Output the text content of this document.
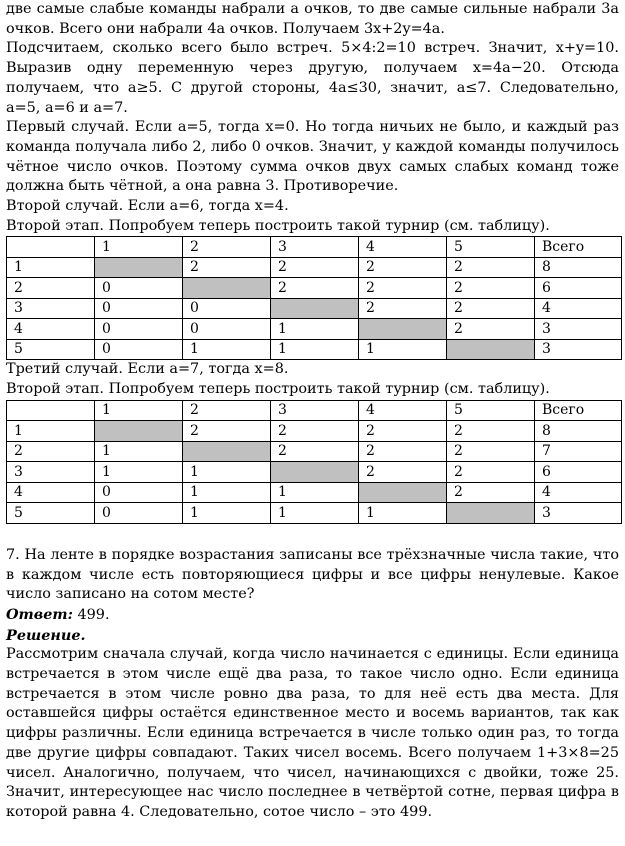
две самые слабые команды набрали a очков, то две самые сильные набрали 3a очков. Всего они набрали 4a очков. Получаем 3x+2y=4a.

Подсчитаем, сколько всего было встреч. 5×4:2=10 встреч. Значит, x+y=10. Выразив одну переменную через другую, получаем x=4a−20. Отсюда получаем, что a≥5. С другой стороны, 4a≤30, значит, a≤7. Следовательно, a=5, a=6 и a=7.

Первый случай. Если a=5, тогда x=0. Но тогда ничьих не было, и каждый раз команда получала либо 2, либо 0 очков. Значит, у каждой команды получилось чётное число очков. Поэтому сумма очков двух самых слабых команд тоже должна быть чётной, а она равна 3. Противоречие.

Второй случай. Если a=6, тогда x=4.

Второй этап. Попробуем теперь построить такой турнир (см. таблицу).

	1	2	3	4	5	Всего
1		2	2	2	2	8
2	0		2	2	2	6
3	0	0		2	2	4
4	0	0	1		2	3
5	0	1	1	1		3

Третий случай. Если a=7, тогда x=8.

Второй этап. Попробуем теперь построить такой турнир (см. таблицу).

	1	2	3	4	5	Всего
1		2	2	2	2	8
2	1		2	2	2	7
3	1	1		2	2	6
4	0	1	1		2	4
5	0	1	1	1		3

7. На ленте в порядке возрастания записаны все трёхзначные числа такие, что в каждом числе есть повторяющиеся цифры и все цифры ненулевые. Какое число записано на сотом месте?

Ответ: 499.

Решение.

Рассмотрим сначала случай, когда число начинается с единицы. Если единица встречается в этом числе ещё два раза, то такое число одно. Если единица встречается в этом числе ровно два раза, то для неё есть два места. Для оставшейся цифры остаётся единственное место и восемь вариантов, так как цифры различны. Если единица встречается в числе только один раз, то тогда две другие цифры совпадают. Таких чисел восемь. Всего получаем 1+3×8=25 чисел. Аналогично, получаем, что чисел, начинающихся с двойки, тоже 25. Значит, интересующее нас число последнее в четвёртой сотне, первая цифра в которой равна 4. Следовательно, сотое число – это 499.
